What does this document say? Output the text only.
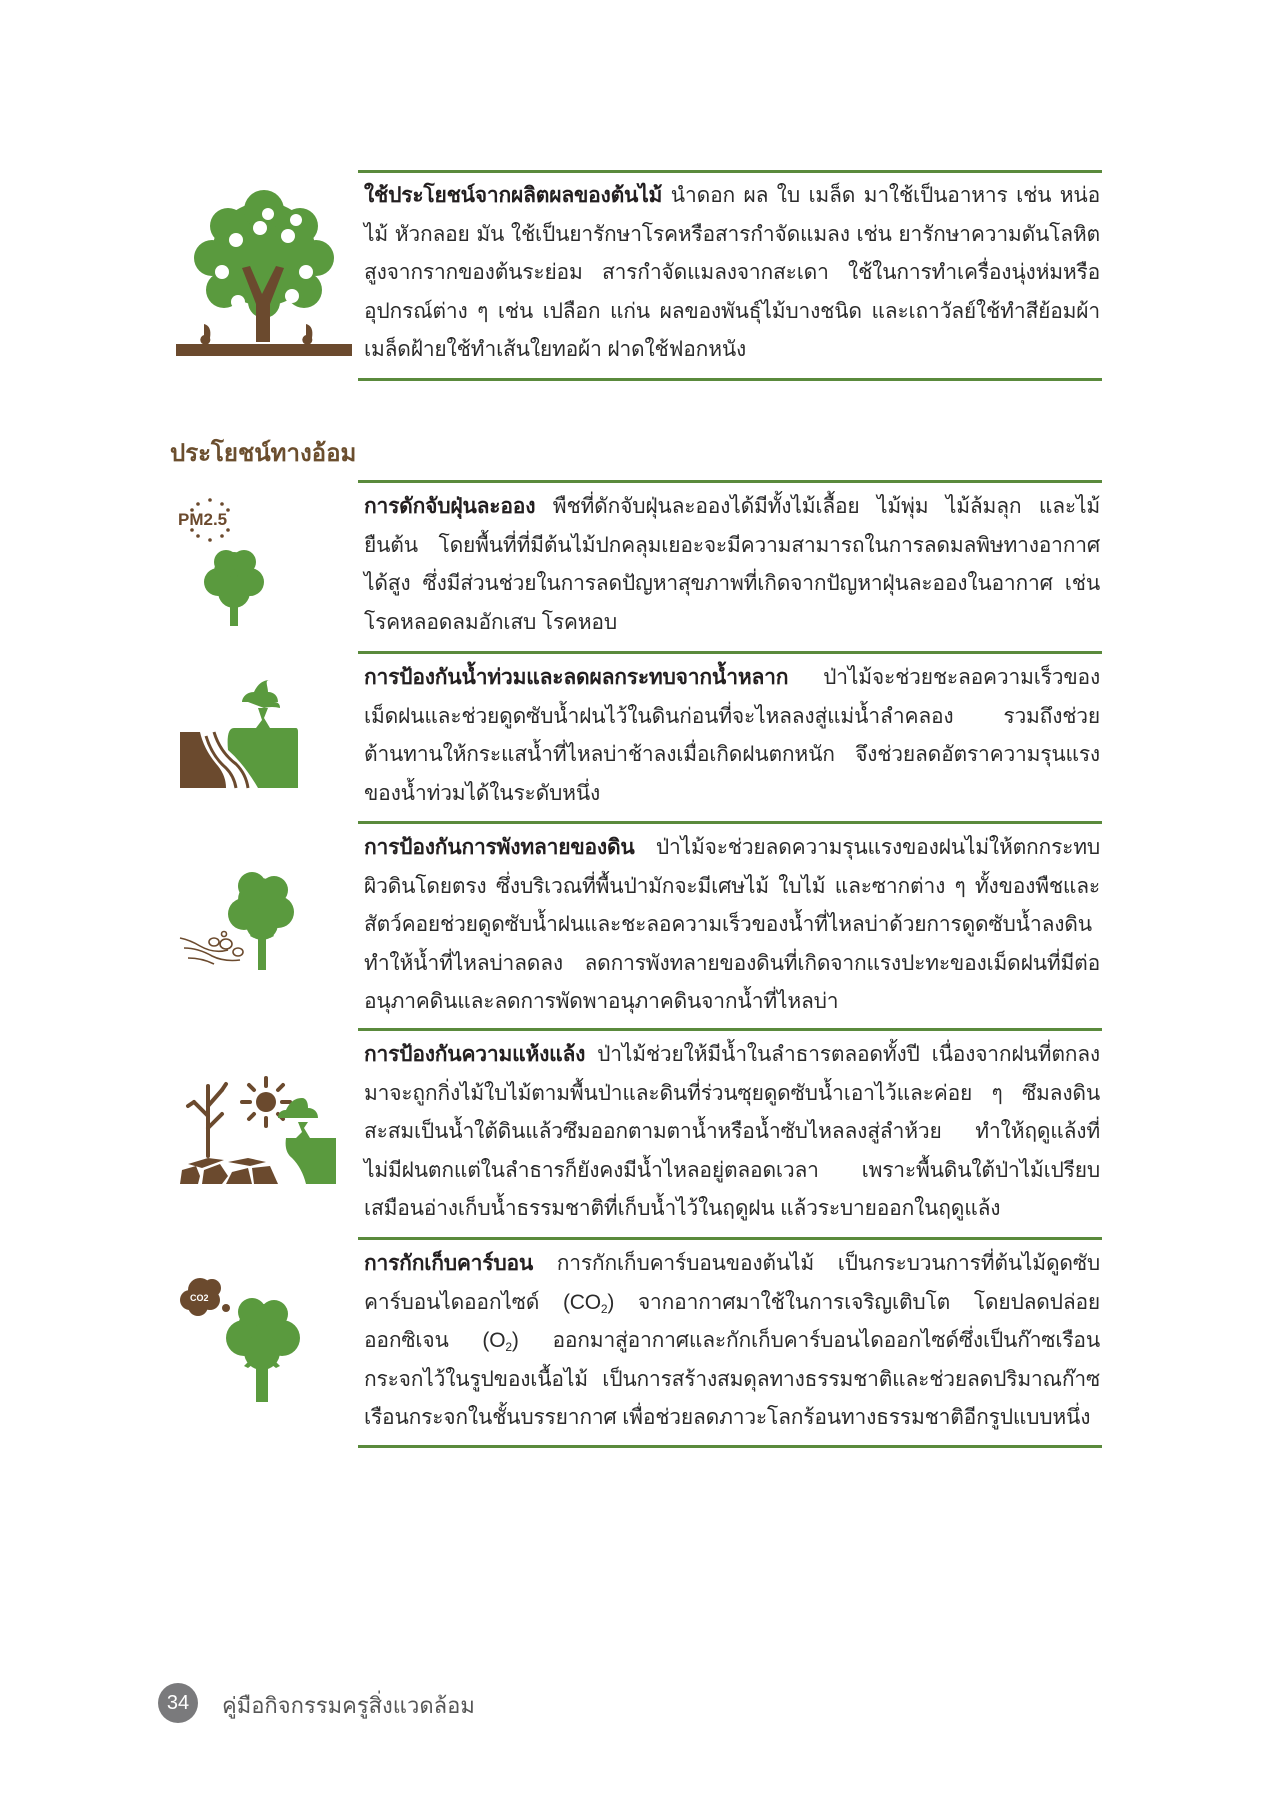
ใช้ประโยชน์จากผลิตผลของต้นไม้ นำดอก ผล ใบ เมล็ด มาใช้เป็นอาหาร เช่น หน่อไม้ หัวกลอย มัน ใช้เป็นยารักษาโรคหรือสารกำจัดแมลง เช่น ยารักษาความดันโลหิตสูงจากรากของต้นระย่อม สารกำจัดแมลงจากสะเดา ใช้ในการทำเครื่องนุ่งห่มหรืออุปกรณ์ต่าง ๆ เช่น เปลือก แก่น ผลของพันธุ์ไม้บางชนิด และเถาวัลย์ใช้ทำสีย้อมผ้า เมล็ดฝ้ายใช้ทำเส้นใยทอผ้า ฝาดใช้ฟอกหนัง
ประโยชน์ทางอ้อม
PM2.5
การดักจับฝุ่นละออง พืชที่ดักจับฝุ่นละอองได้มีทั้งไม้เลื้อย ไม้พุ่ม ไม้ล้มลุก และไม้ยืนต้น โดยพื้นที่ที่มีต้นไม้ปกคลุมเยอะจะมีความสามารถในการลดมลพิษทางอากาศได้สูง ซึ่งมีส่วนช่วยในการลดปัญหาสุขภาพที่เกิดจากปัญหาฝุ่นละอองในอากาศ เช่น โรคหลอดลมอักเสบ โรคหอบ
การป้องกันน้ำท่วมและลดผลกระทบจากน้ำหลาก ป่าไม้จะช่วยชะลอความเร็วของเม็ดฝนและช่วยดูดซับน้ำฝนไว้ในดินก่อนที่จะไหลลงสู่แม่น้ำลำคลอง รวมถึงช่วยต้านทานให้กระแสน้ำที่ไหลบ่าช้าลงเมื่อเกิดฝนตกหนัก จึงช่วยลดอัตราความรุนแรงของน้ำท่วมได้ในระดับหนึ่ง
การป้องกันการพังทลายของดิน ป่าไม้จะช่วยลดความรุนแรงของฝนไม่ให้ตกกระทบผิวดินโดยตรง ซึ่งบริเวณที่พื้นป่ามักจะมีเศษไม้ ใบไม้ และซากต่าง ๆ ทั้งของพืชและสัตว์คอยช่วยดูดซับน้ำฝนและชะลอความเร็วของน้ำที่ไหลบ่าด้วยการดูดซับน้ำลงดิน ทำให้น้ำที่ไหลบ่าลดลง ลดการพังทลายของดินที่เกิดจากแรงปะทะของเม็ดฝนที่มีต่ออนุภาคดินและลดการพัดพาอนุภาคดินจากน้ำที่ไหลบ่า
การป้องกันความแห้งแล้ง ป่าไม้ช่วยให้มีน้ำในลำธารตลอดทั้งปี เนื่องจากฝนที่ตกลงมาจะถูกกิ่งไม้ใบไม้ตามพื้นป่าและดินที่ร่วนซุยดูดซับน้ำเอาไว้และค่อย ๆ ซึมลงดิน สะสมเป็นน้ำใต้ดินแล้วซึมออกตามตาน้ำหรือน้ำซับไหลลงสู่ลำห้วย ทำให้ฤดูแล้งที่ไม่มีฝนตกแต่ในลำธารก็ยังคงมีน้ำไหลอยู่ตลอดเวลา เพราะพื้นดินใต้ป่าไม้เปรียบเสมือนอ่างเก็บน้ำธรรมชาติที่เก็บน้ำไว้ในฤดูฝน แล้วระบายออกในฤดูแล้ง
CO2
การกักเก็บคาร์บอน การกักเก็บคาร์บอนของต้นไม้ เป็นกระบวนการที่ต้นไม้ดูดซับคาร์บอนไดออกไซด์ $(CO_2)$ จากอากาศมาใช้ในการเจริญเติบโต โดยปลดปล่อยออกซิเจน $(O_2)$ ออกมาสู่อากาศและกักเก็บคาร์บอนไดออกไซด์ซึ่งเป็นก๊าซเรือนกระจกไว้ในรูปของเนื้อไม้ เป็นการสร้างสมดุลทางธรรมชาติและช่วยลดปริมาณก๊าซเรือนกระจกในชั้นบรรยากาศ เพื่อช่วยลดภาวะโลกร้อนทางธรรมชาติอีกรูปแบบหนึ่ง
34	คู่มือกิจกรรมครูสิ่งแวดล้อม
